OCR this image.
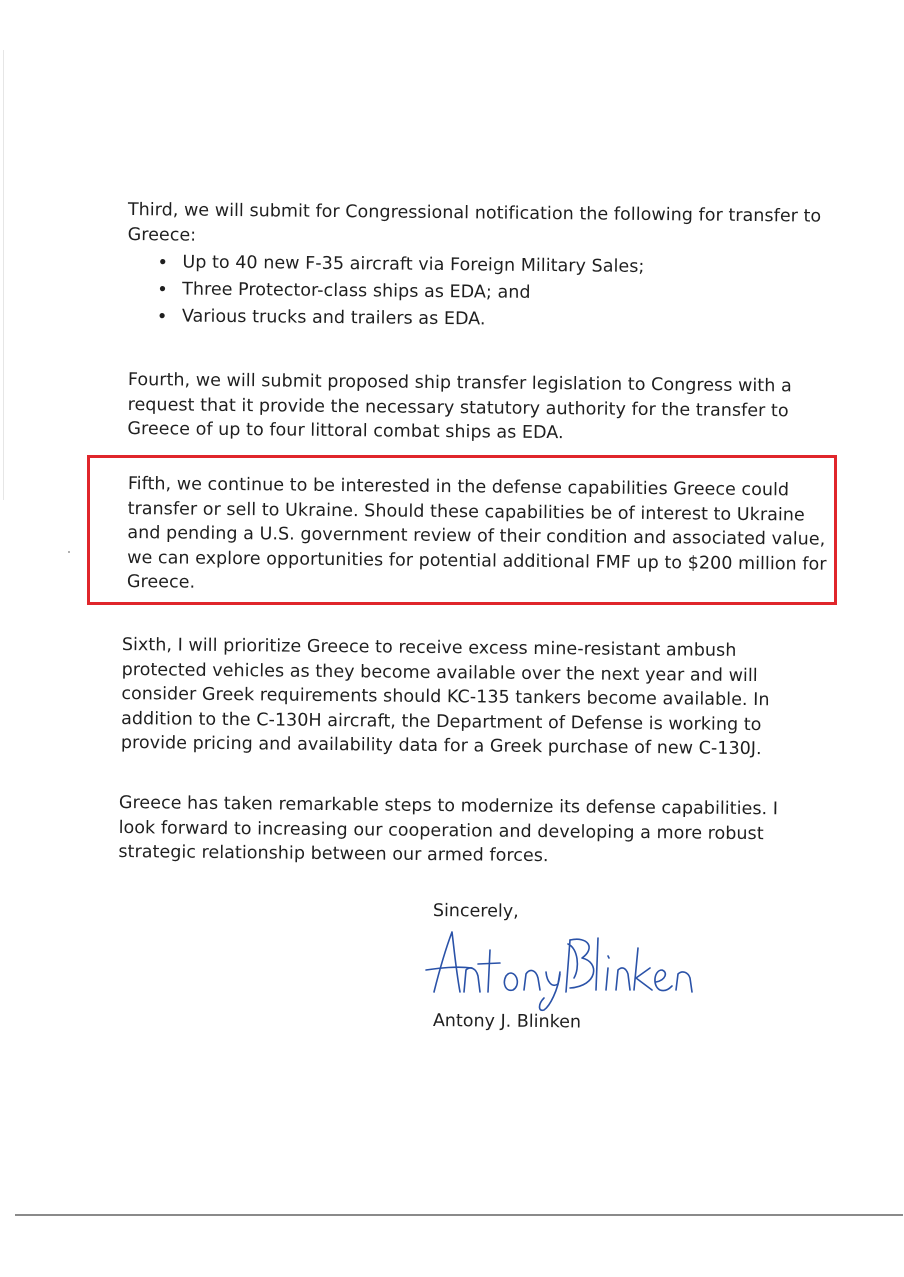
Third, we will submit for Congressional notification the following for transfer to Greece:

• Up to 40 new F-35 aircraft via Foreign Military Sales;
• Three Protector-class ships as EDA; and
• Various trucks and trailers as EDA.

Fourth, we will submit proposed ship transfer legislation to Congress with a request that it provide the necessary statutory authority for the transfer to Greece of up to four littoral combat ships as EDA.

Fifth, we continue to be interested in the defense capabilities Greece could transfer or sell to Ukraine. Should these capabilities be of interest to Ukraine and pending a U.S. government review of their condition and associated value, we can explore opportunities for potential additional FMF up to $200 million for Greece.

Sixth, I will prioritize Greece to receive excess mine-resistant ambush protected vehicles as they become available over the next year and will consider Greek requirements should KC-135 tankers become available. In addition to the C-130H aircraft, the Department of Defense is working to provide pricing and availability data for a Greek purchase of new C-130J.

Greece has taken remarkable steps to modernize its defense capabilities. I look forward to increasing our cooperation and developing a more robust strategic relationship between our armed forces.

Sincerely,
Antony J. Blinken
